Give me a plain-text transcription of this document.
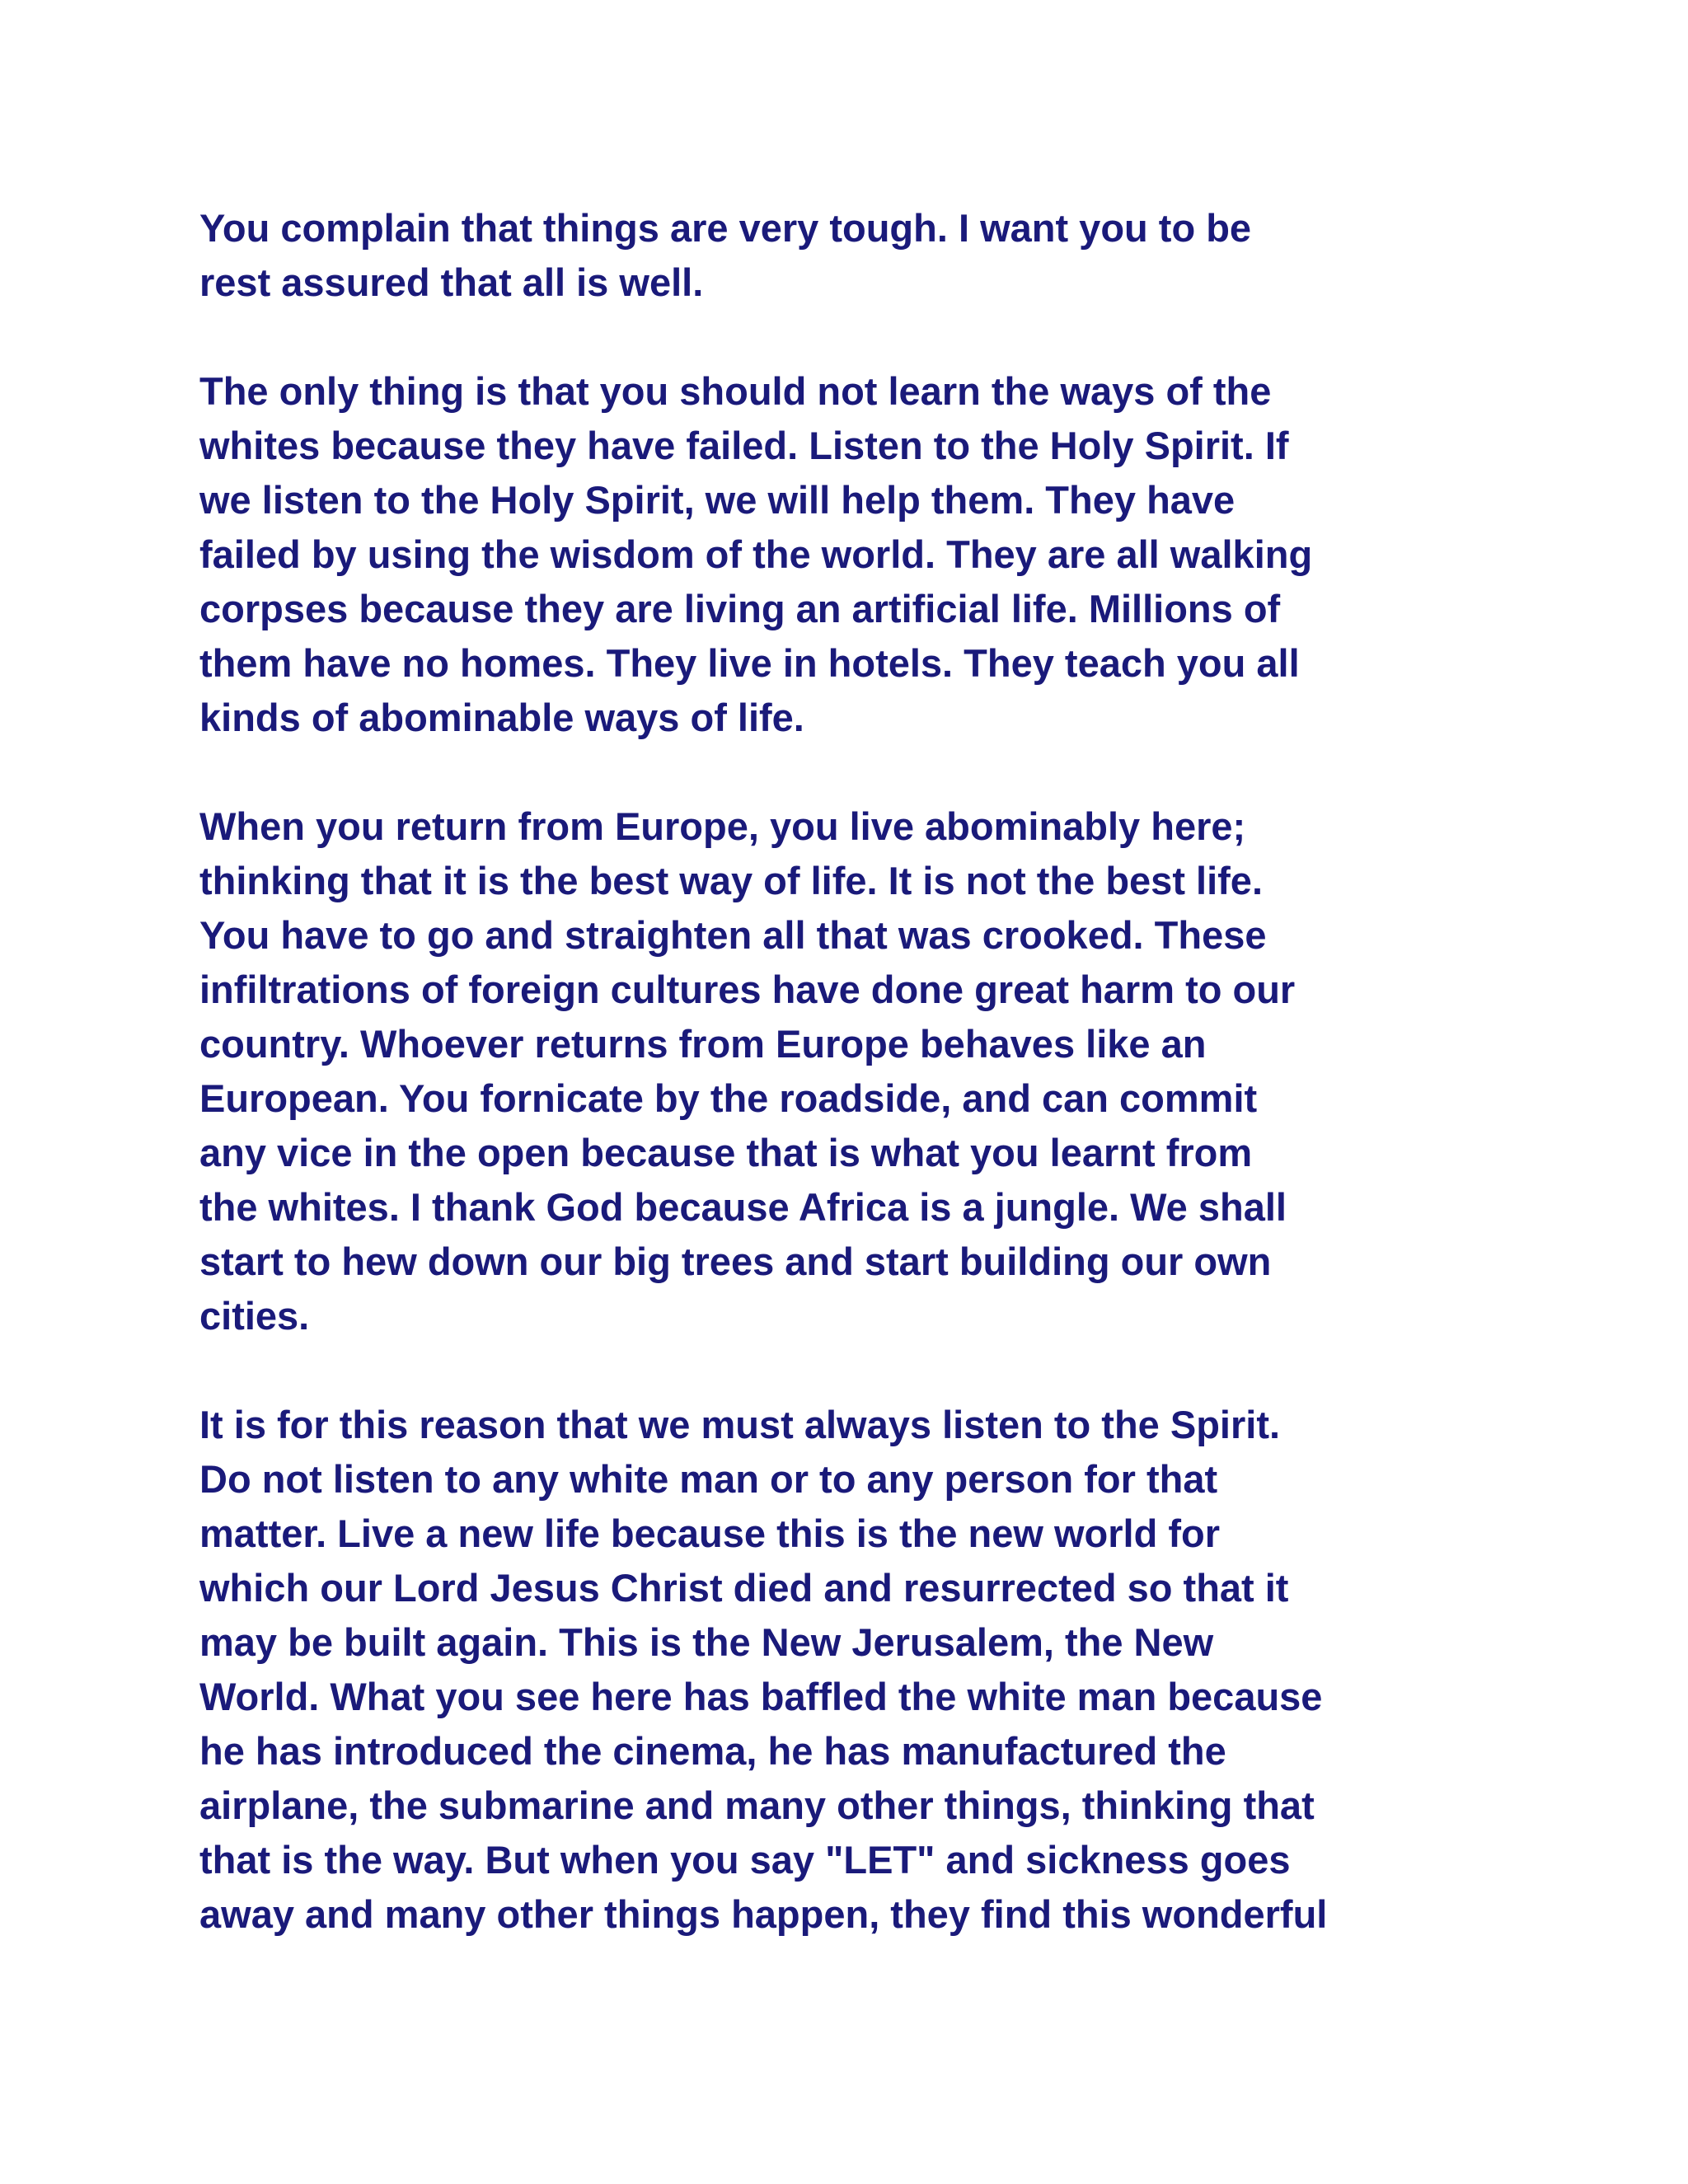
You complain that things are very tough. I want you to be
rest assured that all is well.

The only thing is that you should not learn the ways of the
whites because they have failed. Listen to the Holy Spirit. If
we listen to the Holy Spirit, we will help them. They have
failed by using the wisdom of the world. They are all walking
corpses because they are living an artificial life. Millions of
them have no homes. They live in hotels. They teach you all
kinds of abominable ways of life.

When you return from Europe, you live abominably here;
thinking that it is the best way of life. It is not the best life.
You have to go and straighten all that was crooked. These
infiltrations of foreign cultures have done great harm to our
country. Whoever returns from Europe behaves like an
European. You fornicate by the roadside, and can commit
any vice in the open because that is what you learnt from
the whites. I thank God because Africa is a jungle. We shall
start to hew down our big trees and start building our own
cities.

It is for this reason that we must always listen to the Spirit.
Do not listen to any white man or to any person for that
matter. Live a new life because this is the new world for
which our Lord Jesus Christ died and resurrected so that it
may be built again. This is the New Jerusalem, the New
World. What you see here has baffled the white man because
he has introduced the cinema, he has manufactured the
airplane, the submarine and many other things, thinking that
that is the way. But when you say "LET" and sickness goes
away and many other things happen, they find this wonderful
